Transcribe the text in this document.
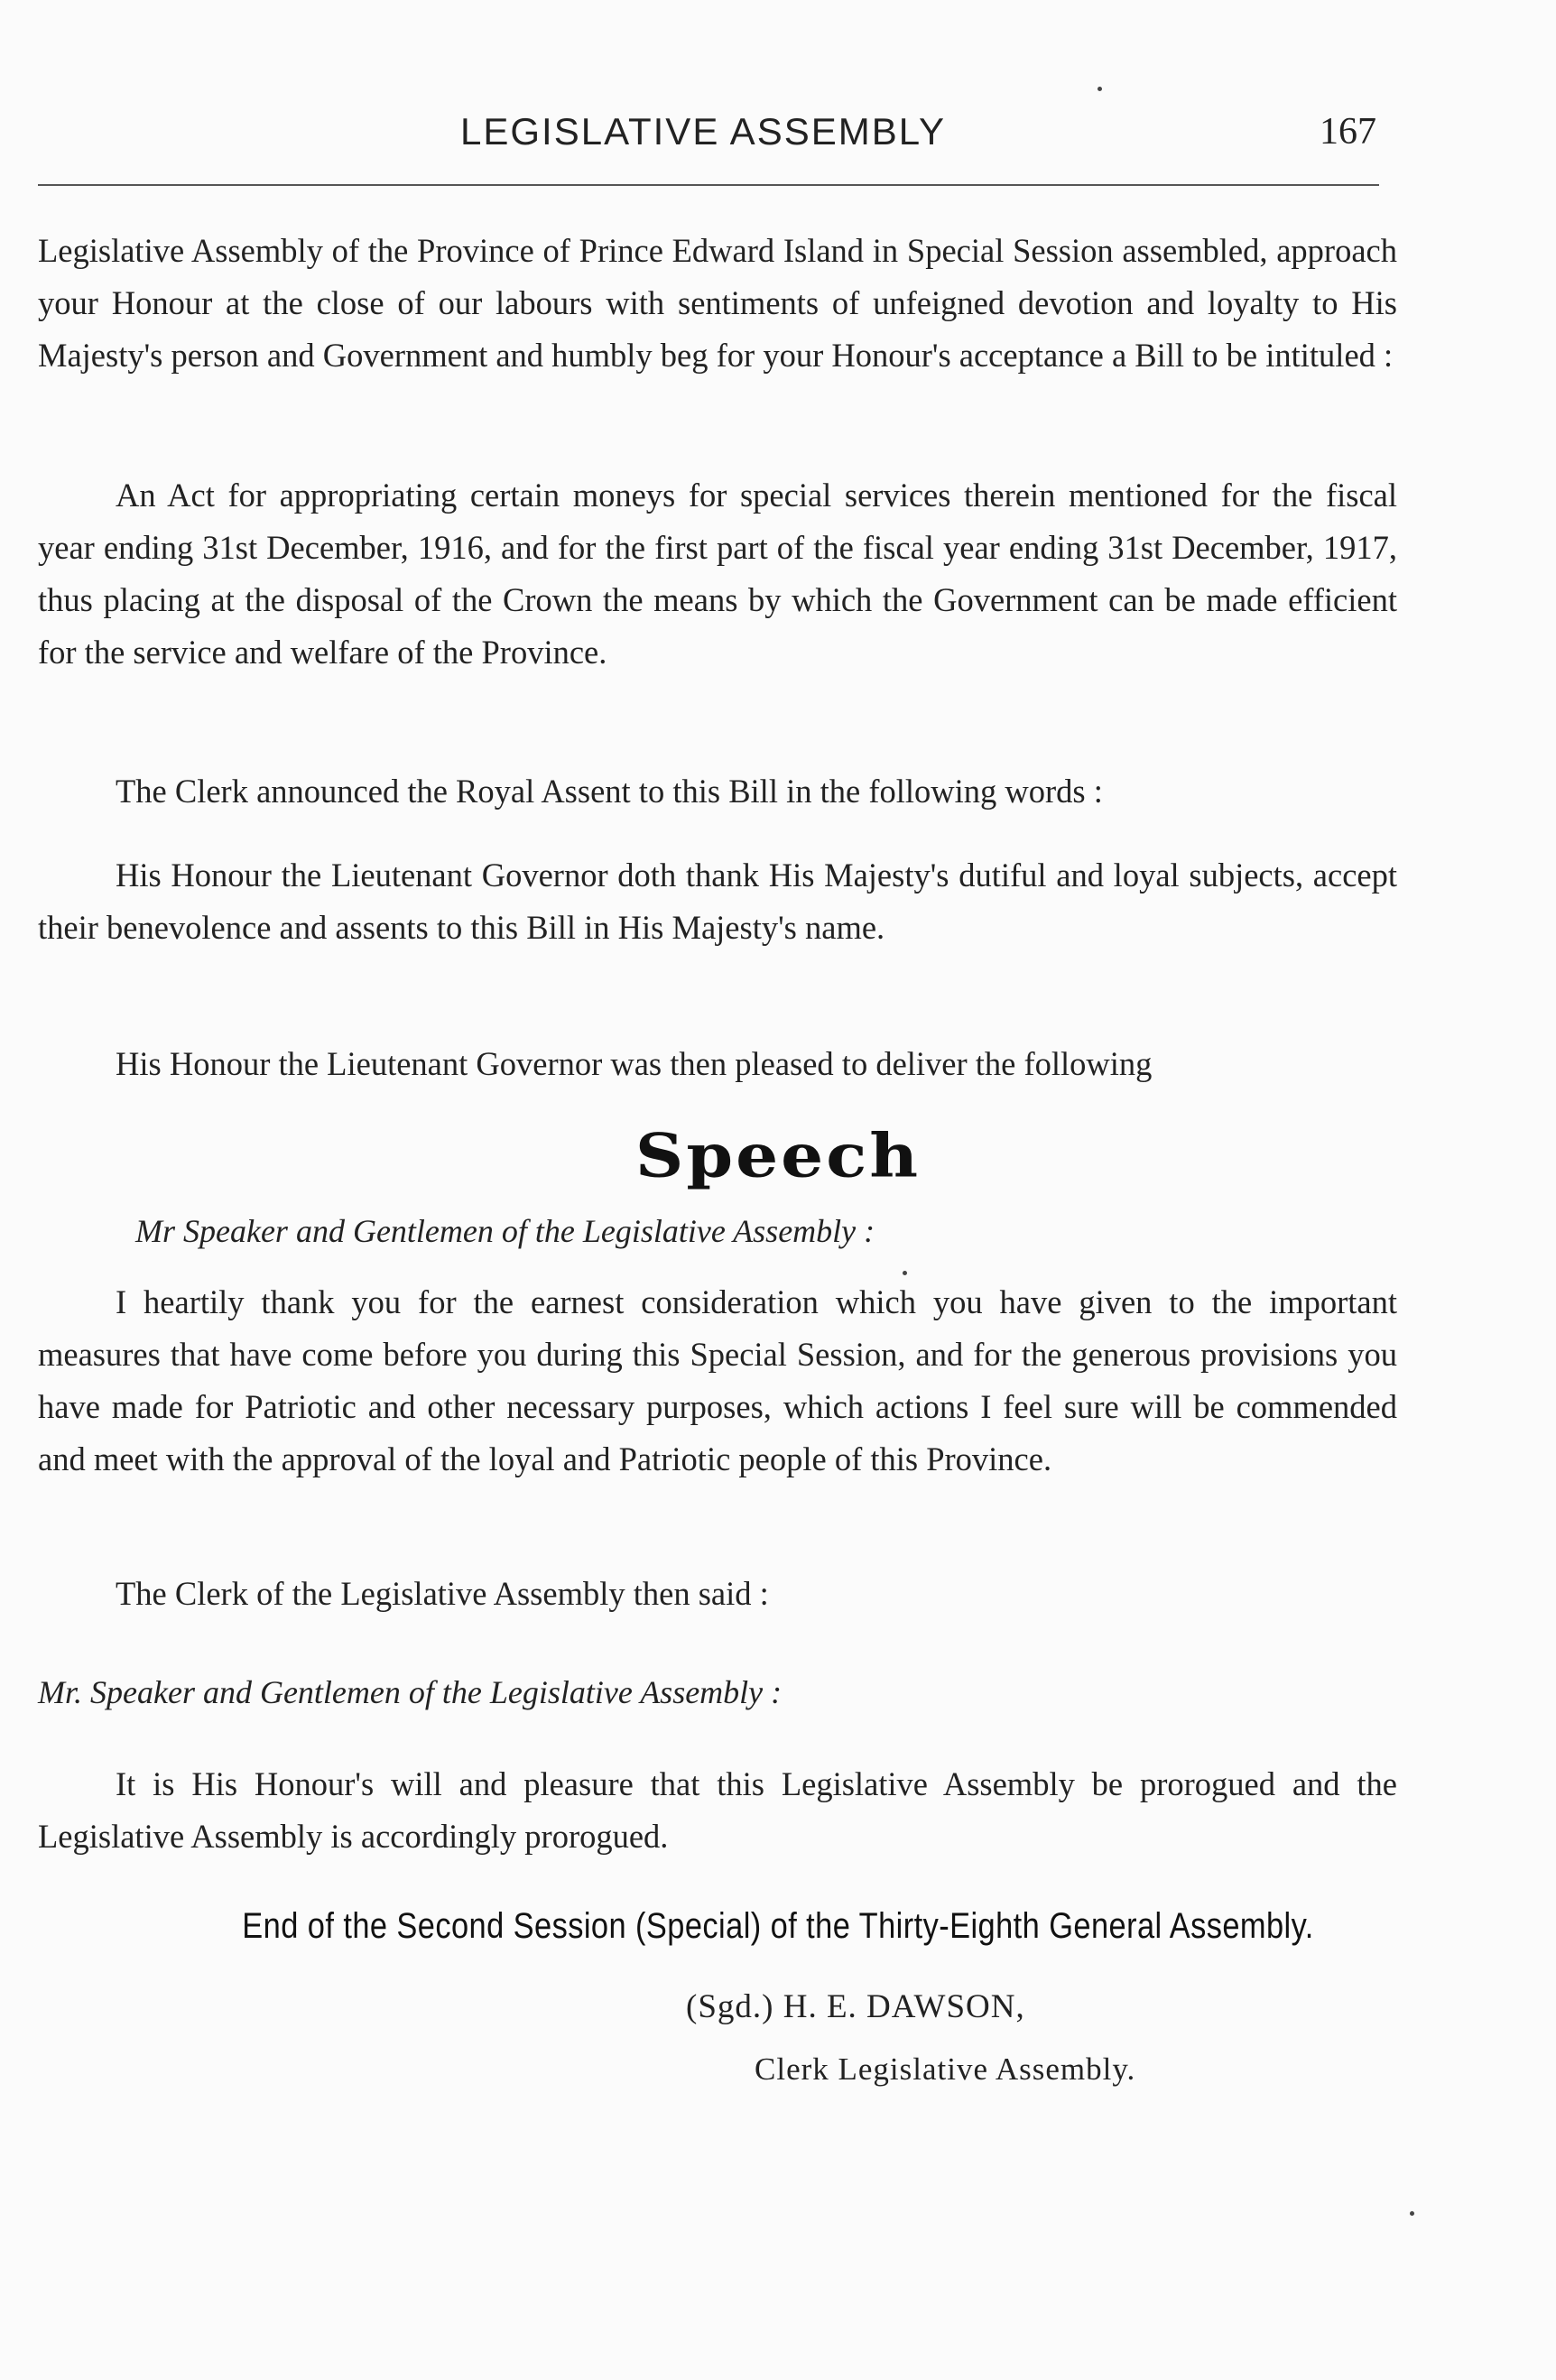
LEGISLATIVE ASSEMBLY	167

Legislative Assembly of the Province of Prince Edward Island in Special Session assembled, approach your Honour at the close of our labours with sentiments of unfeigned devotion and loyalty to His Majesty's person and Government and humbly beg for your Honour's acceptance a Bill to be intituled :

An Act for appropriating certain moneys for special services therein mentioned for the fiscal year ending 31st December, 1916, and for the first part of the fiscal year ending 31st December, 1917, thus placing at the disposal of the Crown the means by which the Government can be made efficient for the service and welfare of the Province.

The Clerk announced the Royal Assent to this Bill in the following words :

His Honour the Lieutenant Governor doth thank His Majesty's dutiful and loyal subjects, accept their benevolence and assents to this Bill in His Majesty's name.

His Honour the Lieutenant Governor was then pleased to deliver the following

Speech
Mr Speaker and Gentlemen of the Legislative Assembly :

I heartily thank you for the earnest consideration which you have given to the important measures that have come before you during this Special Session, and for the generous provisions you have made for Patriotic and other necessary purposes, which actions I feel sure will be commended and meet with the approval of the loyal and Patriotic people of this Province.

The Clerk of the Legislative Assembly then said :

Mr. Speaker and Gentlemen of the Legislative Assembly :

It is His Honour's will and pleasure that this Legislative Assembly be prorogued and the Legislative Assembly is accordingly prorogued.

End of the Second Session (Special) of the Thirty-Eighth General Assembly.
(Sgd.) H. E. DAWSON,
Clerk Legislative Assembly.
